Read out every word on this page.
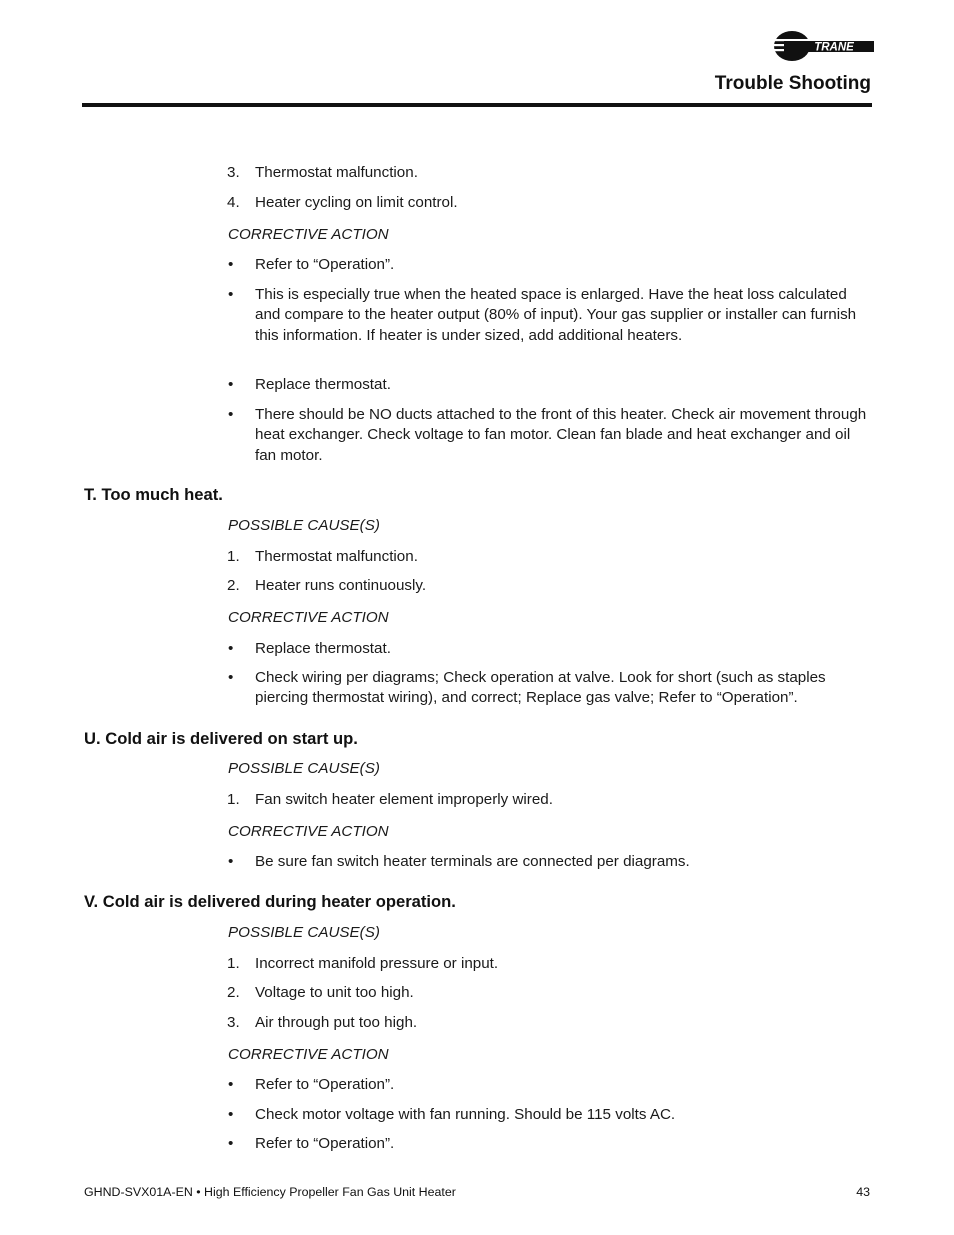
TRANE
Trouble Shooting
3. Thermostat malfunction.
4. Heater cycling on limit control.
CORRECTIVE ACTION
• Refer to “Operation”.
• This is especially true when the heated space is enlarged. Have the heat loss calculated and compare to the heater output (80% of input). Your gas supplier or installer can furnish this information. If heater is under sized, add additional heaters.
• Replace thermostat.
• There should be NO ducts attached to the front of this heater. Check air movement through heat exchanger. Check voltage to fan motor. Clean fan blade and heat exchanger and oil fan motor.
T. Too much heat.
POSSIBLE CAUSE(S)
1. Thermostat malfunction.
2. Heater runs continuously.
CORRECTIVE ACTION
• Replace thermostat.
• Check wiring per diagrams; Check operation at valve. Look for short (such as staples piercing thermostat wiring), and correct; Replace gas valve; Refer to “Operation”.
U. Cold air is delivered on start up.
POSSIBLE CAUSE(S)
1. Fan switch heater element improperly wired.
CORRECTIVE ACTION
• Be sure fan switch heater terminals are connected per diagrams.
V. Cold air is delivered during heater operation.
POSSIBLE CAUSE(S)
1. Incorrect manifold pressure or input.
2. Voltage to unit too high.
3. Air through put too high.
CORRECTIVE ACTION
• Refer to “Operation”.
• Check motor voltage with fan running. Should be 115 volts AC.
• Refer to “Operation”.
GHND-SVX01A-EN • High Efficiency Propeller Fan Gas Unit Heater	43
